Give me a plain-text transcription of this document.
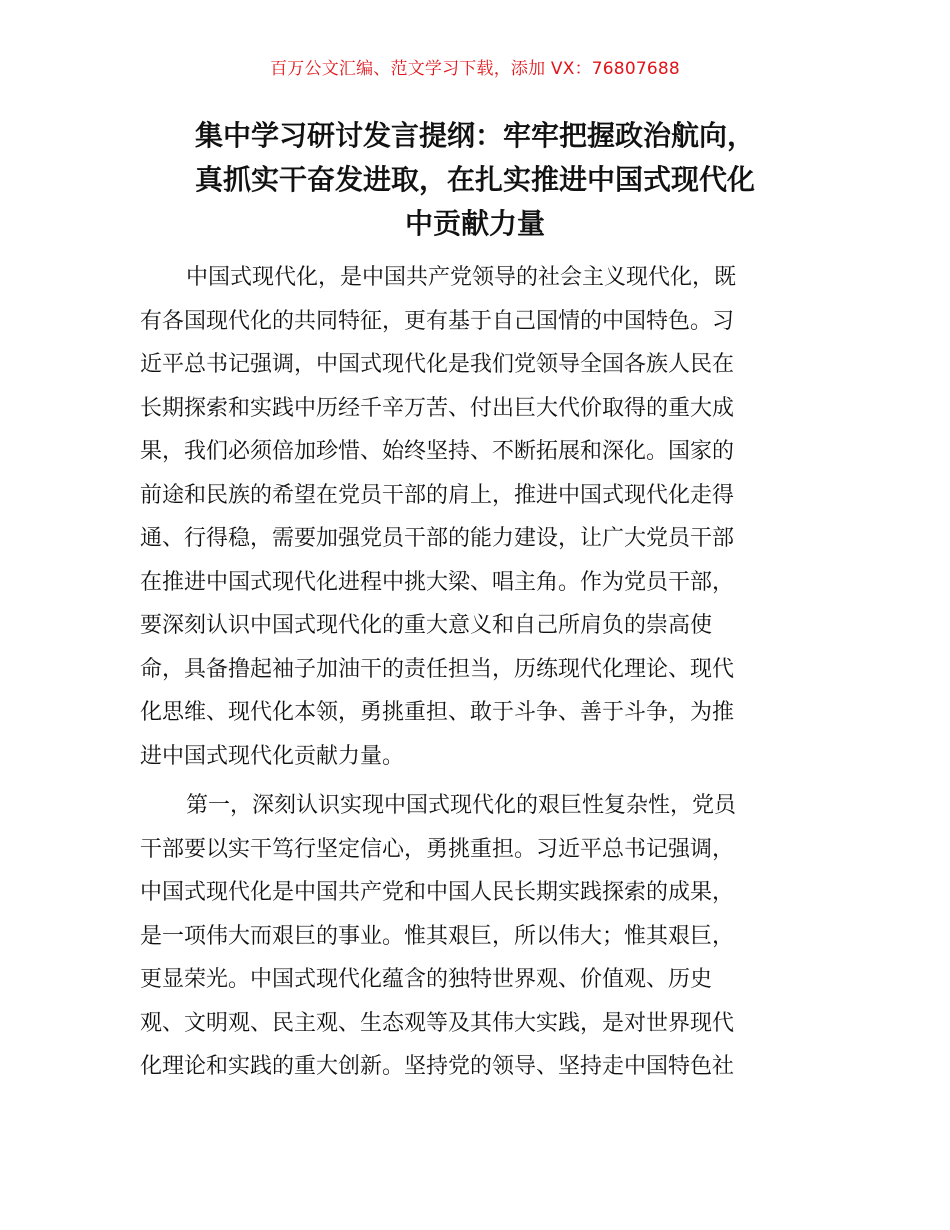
百万公文汇编、范文学习下载，添加 VX：76807688
集中学习研讨发言提纲：牢牢把握政治航向，
真抓实干奋发进取，在扎实推进中国式现代化
中贡献力量
中国式现代化，是中国共产党领导的社会主义现代化，既
有各国现代化的共同特征，更有基于自己国情的中国特色。习
近平总书记强调，中国式现代化是我们党领导全国各族人民在
长期探索和实践中历经千辛万苦、付出巨大代价取得的重大成
果，我们必须倍加珍惜、始终坚持、不断拓展和深化。国家的
前途和民族的希望在党员干部的肩上，推进中国式现代化走得
通、行得稳，需要加强党员干部的能力建设，让广大党员干部
在推进中国式现代化进程中挑大梁、唱主角。作为党员干部，
要深刻认识中国式现代化的重大意义和自己所肩负的崇高使
命，具备撸起袖子加油干的责任担当，历练现代化理论、现代
化思维、现代化本领，勇挑重担、敢于斗争、善于斗争，为推
进中国式现代化贡献力量。
第一，深刻认识实现中国式现代化的艰巨性复杂性，党员
干部要以实干笃行坚定信心，勇挑重担。习近平总书记强调，
中国式现代化是中国共产党和中国人民长期实践探索的成果，
是一项伟大而艰巨的事业。惟其艰巨，所以伟大；惟其艰巨，
更显荣光。中国式现代化蕴含的独特世界观、价值观、历史
观、文明观、民主观、生态观等及其伟大实践，是对世界现代
化理论和实践的重大创新。坚持党的领导、坚持走中国特色社
